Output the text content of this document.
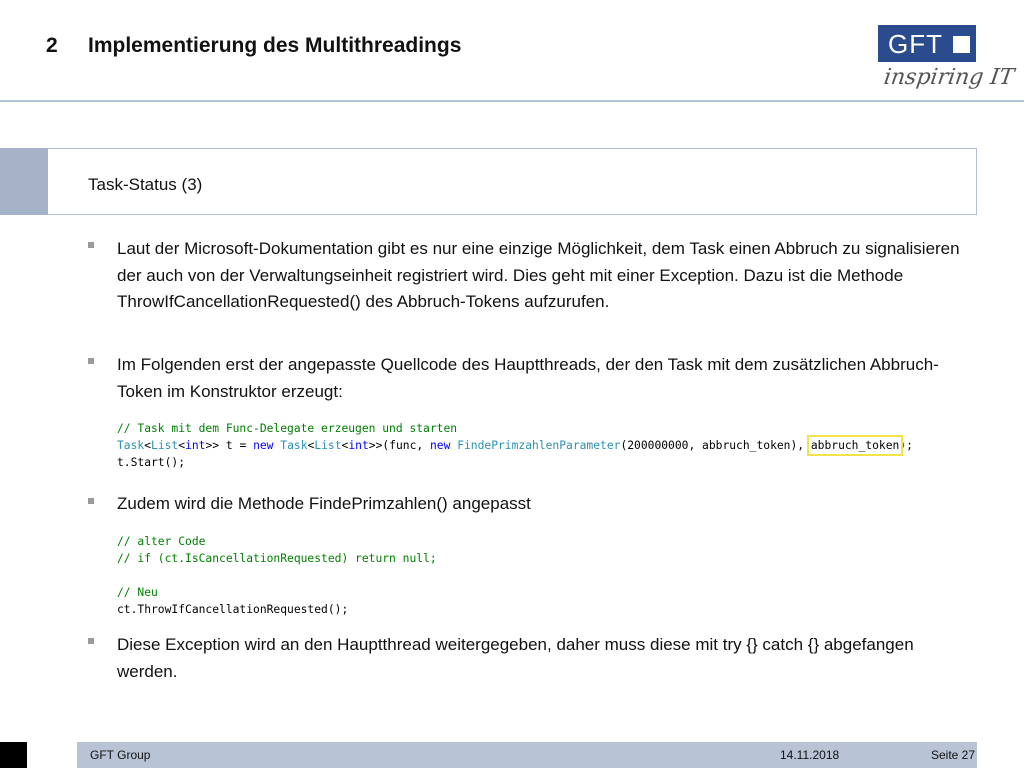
2 Implementierung des Multithreadings	GFT
inspiring IT
Task-Status (3)
Laut der Microsoft-Dokumentation gibt es nur eine einzige Möglichkeit, dem Task einen Abbruch zu signalisieren der auch von der Verwaltungseinheit registriert wird. Dies geht mit einer Exception. Dazu ist die Methode ThrowIfCancellationRequested() des Abbruch-Tokens aufzurufen.
Im Folgenden erst der angepasste Quellcode des Hauptthreads, der den Task mit dem zusätzlichen Abbruch-Token im Konstruktor erzeugt:
// Task mit dem Func-Delegate erzeugen und starten
Task<List<int>> t = new Task<List<int>>(func, new FindePrimzahlenParameter(200000000, abbruch_token), abbruch_token);
t.Start();
Zudem wird die Methode FindePrimzahlen() angepasst
// alter Code
// if (ct.IsCancellationRequested) return null;
// Neu
ct.ThrowIfCancellationRequested();
Diese Exception wird an den Hauptthread weitergegeben, daher muss diese mit try {} catch {} abgefangen werden.
GFT Group	14.11.2018	Seite 27
